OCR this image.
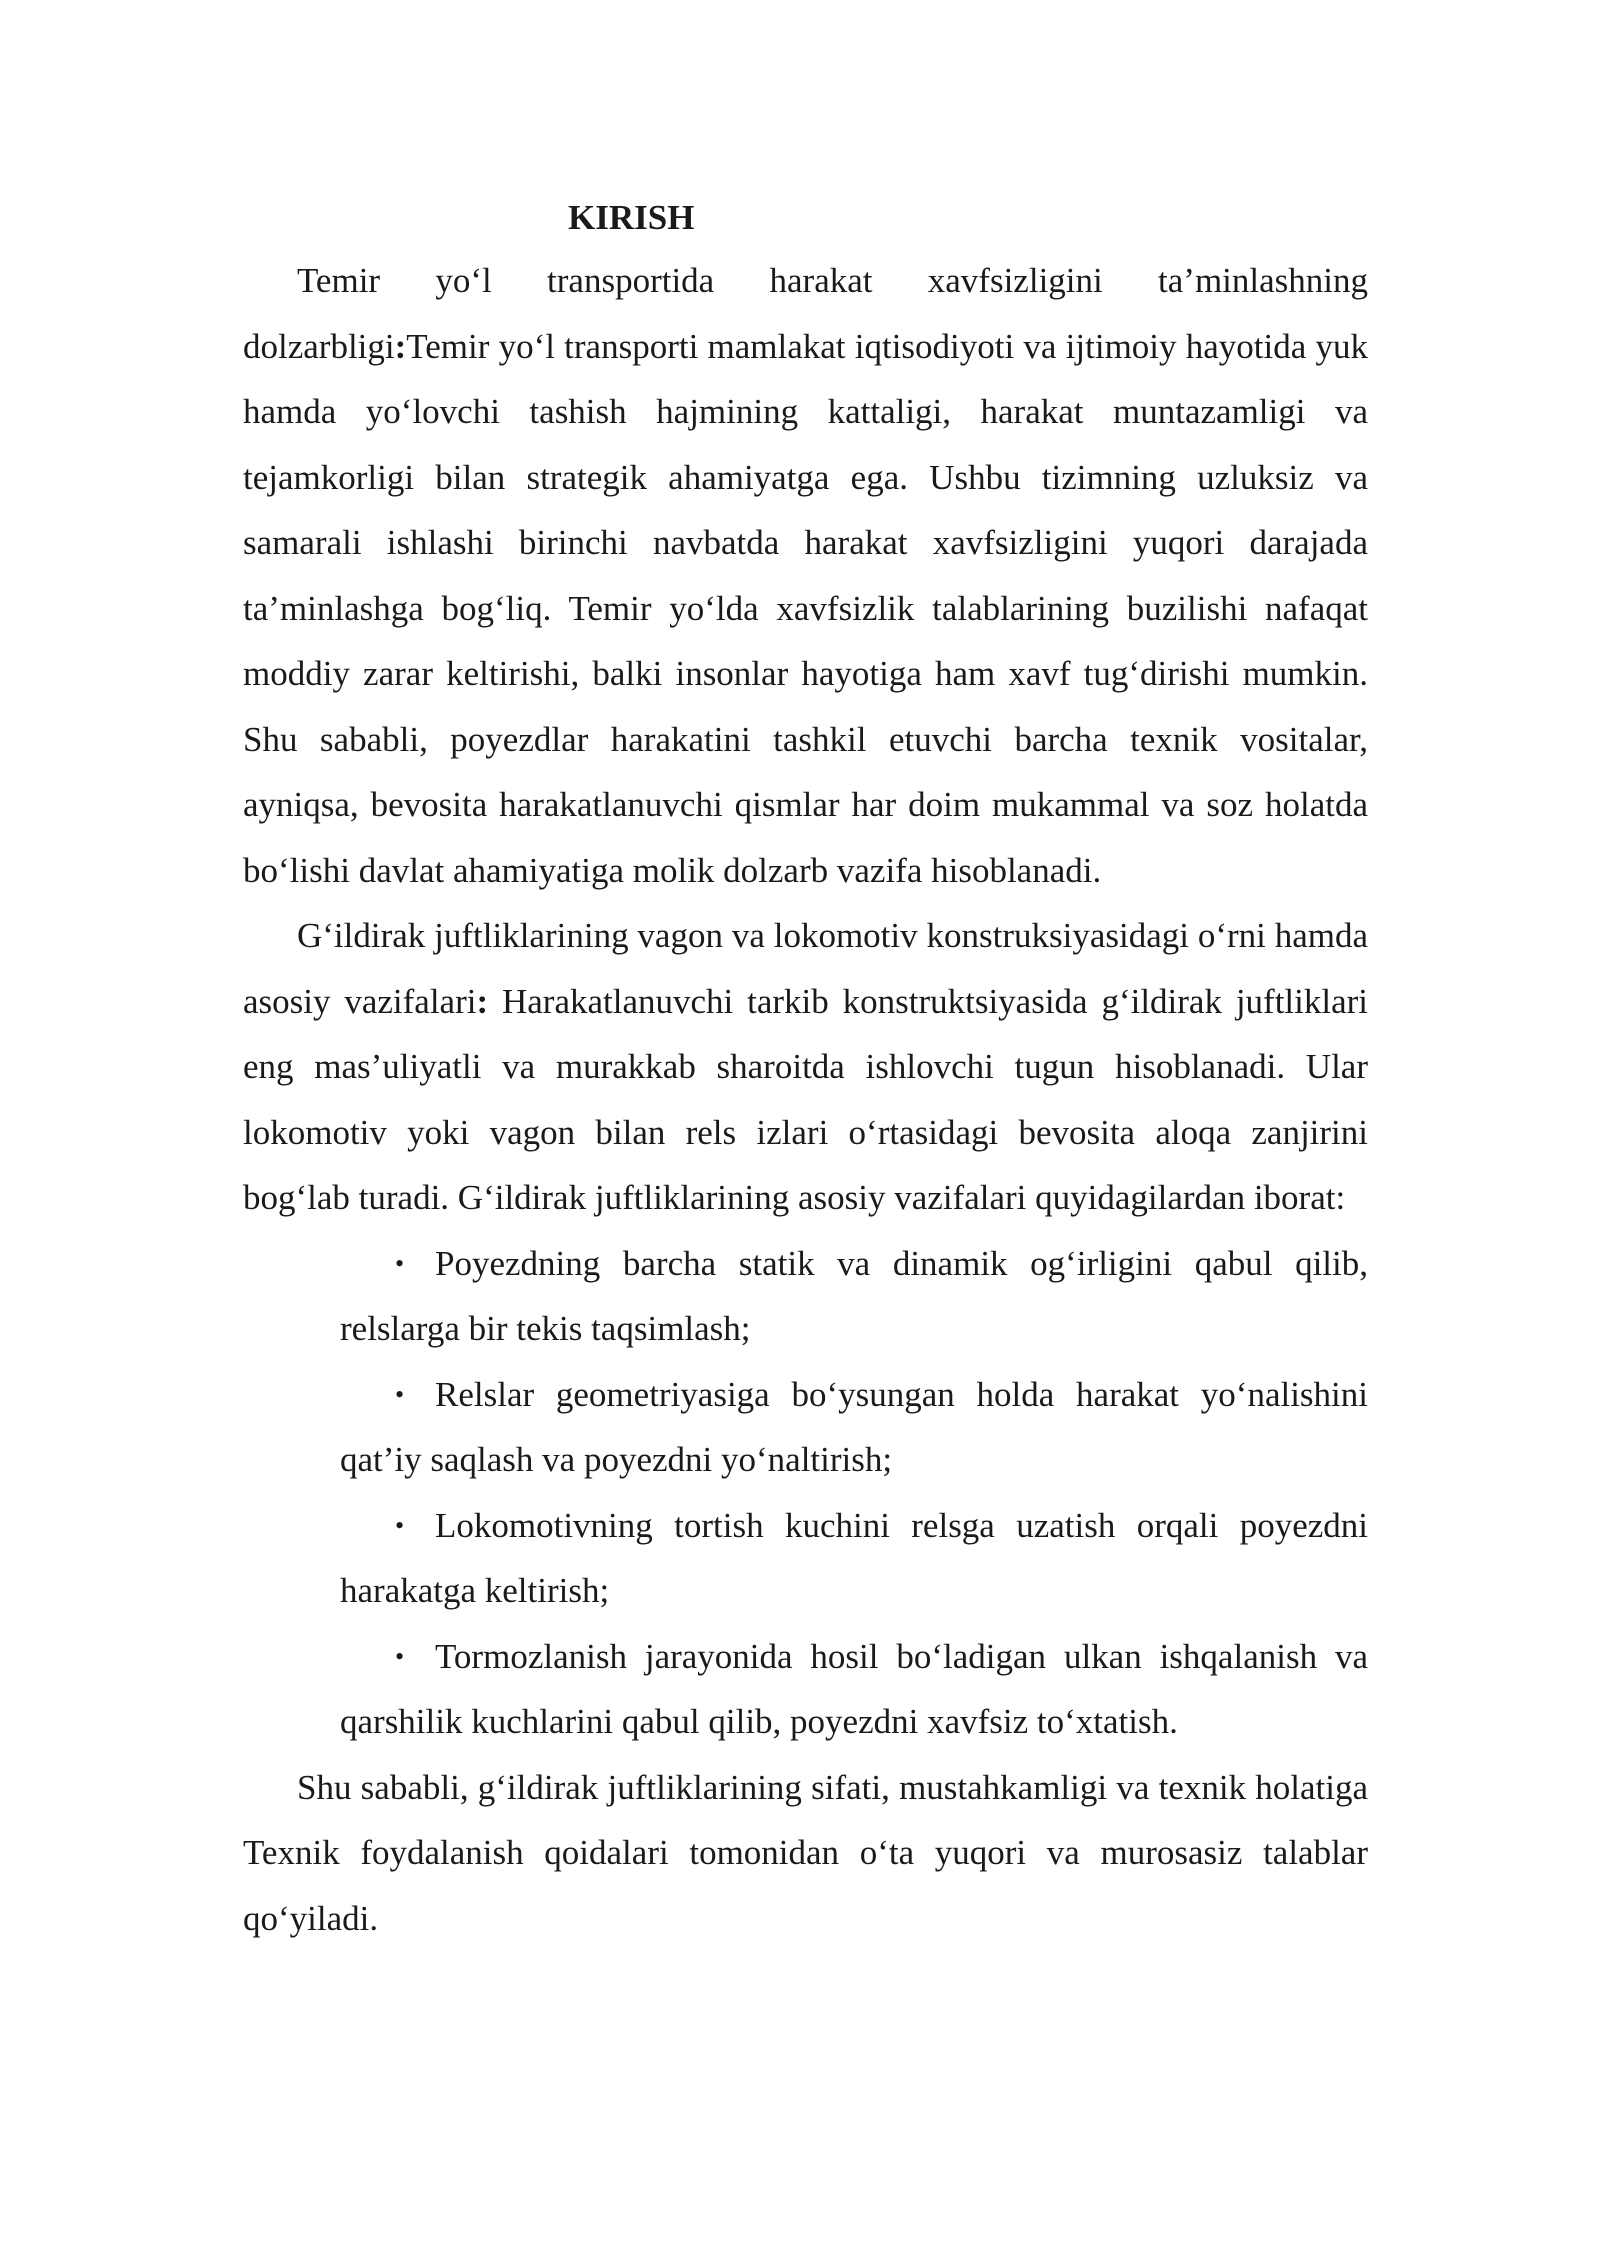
KIRISH

Temir yo‘l transportida harakat xavfsizligini ta’minlashning dolzarbligi:Temir yo‘l transporti mamlakat iqtisodiyoti va ijtimoiy hayotida yuk hamda yo‘lovchi tashish hajmining kattaligi, harakat muntazamligi va tejamkorligi bilan strategik ahamiyatga ega. Ushbu tizimning uzluksiz va samarali ishlashi birinchi navbatda harakat xavfsizligini yuqori darajada ta’minlashga bog‘liq. Temir yo‘lda xavfsizlik talablarining buzilishi nafaqat moddiy zarar keltirishi, balki insonlar hayotiga ham xavf tug‘dirishi mumkin. Shu sababli, poyezdlar harakatini tashkil etuvchi barcha texnik vositalar, ayniqsa, bevosita harakatlanuvchi qismlar har doim mukammal va soz holatda bo‘lishi davlat ahamiyatiga molik dolzarb vazifa hisoblanadi.

G‘ildirak juftliklarining vagon va lokomotiv konstruksiyasidagi o‘rni hamda asosiy vazifalari: Harakatlanuvchi tarkib konstruktsiyasida g‘ildirak juftliklari eng mas’uliyatli va murakkab sharoitda ishlovchi tugun hisoblanadi. Ular lokomotiv yoki vagon bilan rels izlari o‘rtasidagi bevosita aloqa zanjirini bog‘lab turadi. G‘ildirak juftliklarining asosiy vazifalari quyidagilardan iborat:

• Poyezdning barcha statik va dinamik og‘irligini qabul qilib, relslarga bir tekis taqsimlash;
• Relslar geometriyasiga bo‘ysungan holda harakat yo‘nalishini qat’iy saqlash va poyezdni yo‘naltirish;
• Lokomotivning tortish kuchini relsga uzatish orqali poyezdni harakatga keltirish;
• Tormozlanish jarayonida hosil bo‘ladigan ulkan ishqalanish va qarshilik kuchlarini qabul qilib, poyezdni xavfsiz to‘xtatish.

Shu sababli, g‘ildirak juftliklarining sifati, mustahkamligi va texnik holatiga Texnik foydalanish qoidalari tomonidan o‘ta yuqori va murosasiz talablar qo‘yiladi.
